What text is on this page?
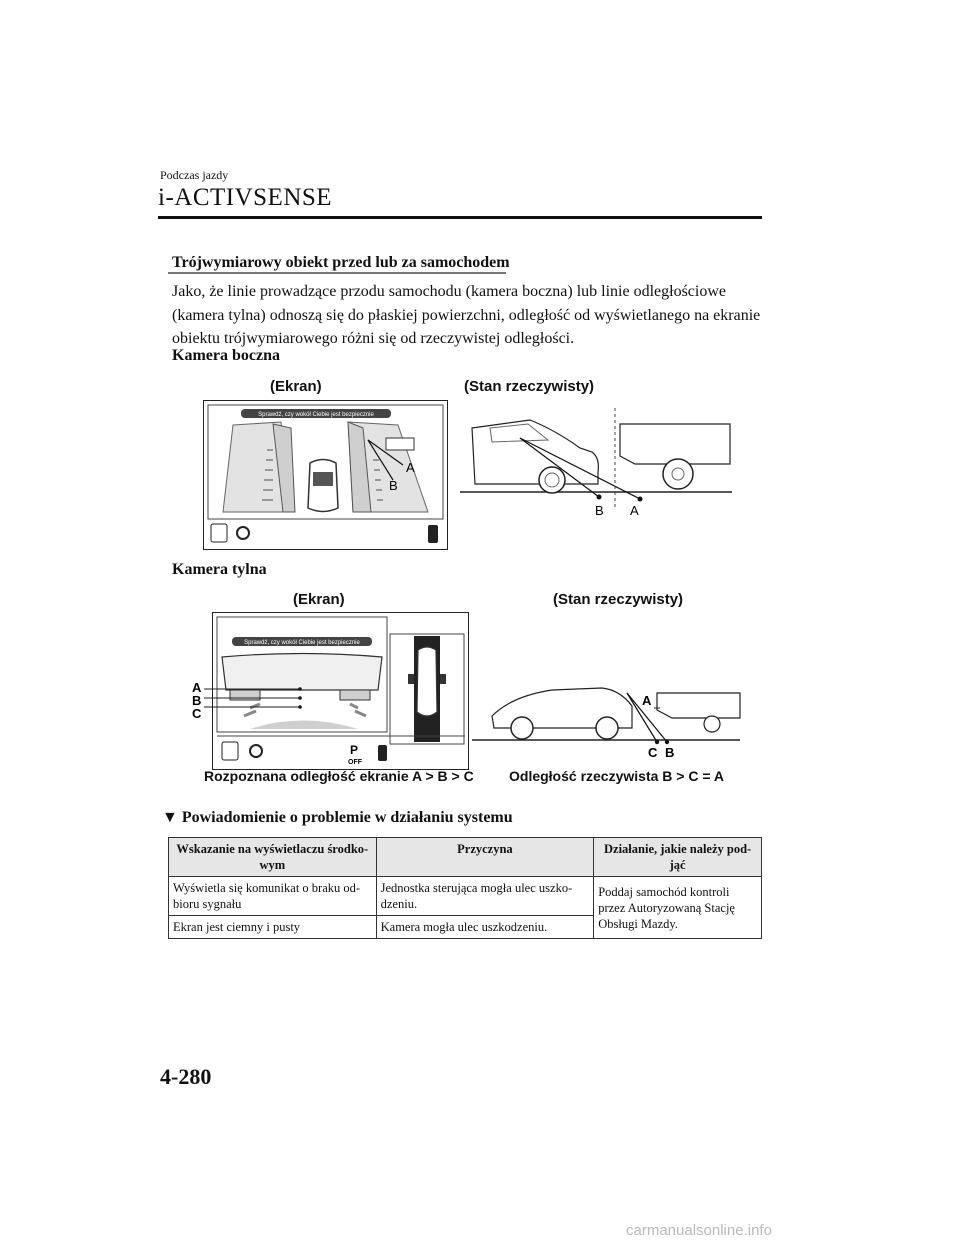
Podczas jazdy
i-ACTIVSENSE
Trójwymiarowy obiekt przed lub za samochodem
Jako, że linie prowadzące przodu samochodu (kamera boczna) lub linie odległościowe (kamera tylna) odnoszą się do płaskiej powierzchni, odległość od wyświetlanego na ekranie obiektu trójwymiarowego różni się od rzeczywistej odległości.
Kamera boczna
(Ekran)	(Stan rzeczywisty)
Sprawdź, czy wokół Ciebie jest bezpiecznie
A
B
B A
Kamera tylna
(Ekran)	(Stan rzeczywisty)
Sprawdź, czy wokół Ciebie jest bezpiecznie
A
B
C
P
OFF
A
C B
Rozpoznana odległość ekranie A > B > C	Odległość rzeczywista B > C = A
▼ Powiadomienie o problemie w działaniu systemu
Wskazanie na wyświetlaczu środko-wym	Przyczyna	Działanie, jakie należy pod-jąć
Wyświetla się komunikat o braku od-bioru sygnału	Jednostka sterująca mogła ulec uszko-dzeniu.	Poddaj samochód kontroli przez Autoryzowaną Stację Obsługi Mazdy.
Ekran jest ciemny i pusty	Kamera mogła ulec uszkodzeniu.	
4-280
carmanualsonline.info
